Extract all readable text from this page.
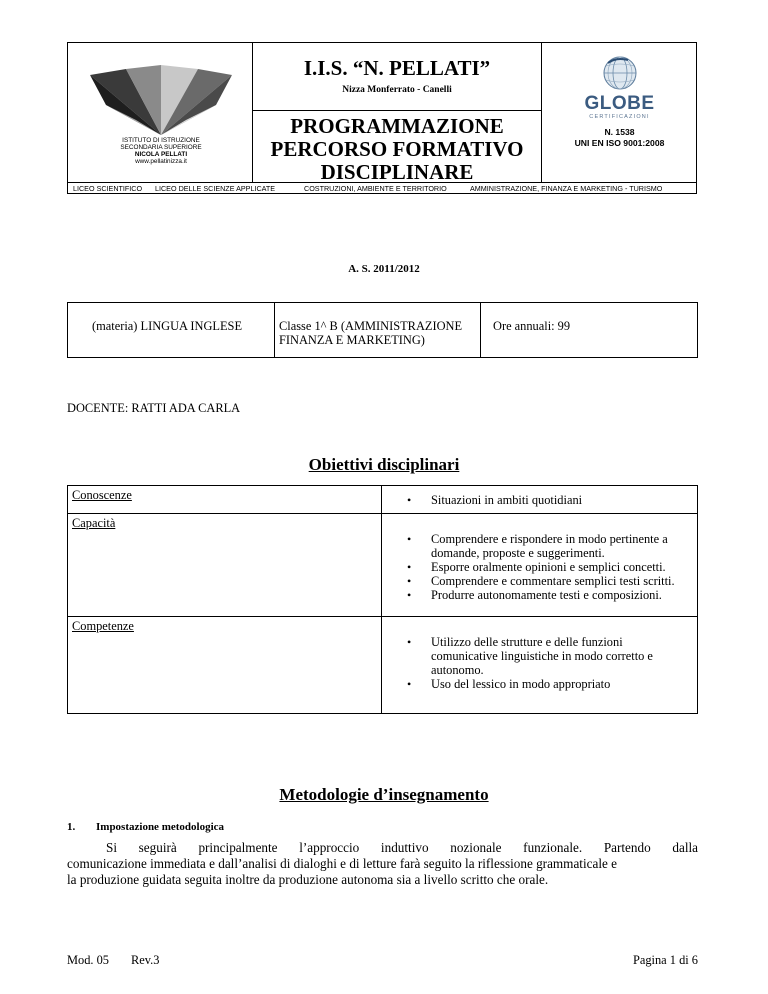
ISTITUTO DI ISTRUZIONE
SECONDARIA SUPERIORE
NICOLA PELLATI
www.pellatinizza.it
I.I.S. “N. PELLATI”
Nizza Monferrato - Canelli
PROGRAMMAZIONE
PERCORSO FORMATIVO
DISCIPLINARE
GLOBE
CERTIFICAZIONI
N. 1538
UNI EN ISO 9001:2008
LICEO SCIENTIFICO LICEO DELLE SCIENZE APPLICATE	COSTRUZIONI, AMBIENTE E TERRITORIO	AMMINISTRAZIONE, FINANZA E MARKETING - TURISMO
A. S. 2011/2012
(materia) LINGUA INGLESE	Classe 1^ B (AMMINISTRAZIONE FINANZA E MARKETING)
Ore annuali: 99
DOCENTE: RATTI ADA CARLA
Obiettivi disciplinari
Conoscenze
•	Situazioni in ambiti quotidiani
Capacità
• Comprendere e rispondere in modo pertinente a domande, proposte e suggerimenti.
• Esporre oralmente opinioni e semplici concetti.
• Comprendere e commentare semplici testi scritti.
• Produrre autonomamente testi e composizioni.
Competenze
• Utilizzo delle strutture e delle funzioni comunicative linguistiche in modo corretto e autonomo.
• Uso del lessico in modo appropriato
Metodologie d’insegnamento
1. Impostazione metodologica
Si seguirà principalmente l’approccio induttivo nozionale funzionale. Partendo dalla
comunicazione immediata e dall’analisi di dialoghi e di letture farà seguito la riflessione grammaticale e
la produzione guidata seguita inoltre da produzione autonoma sia a livello scritto che orale.
Mod. 05 Rev.3	Pagina 1 di 6
